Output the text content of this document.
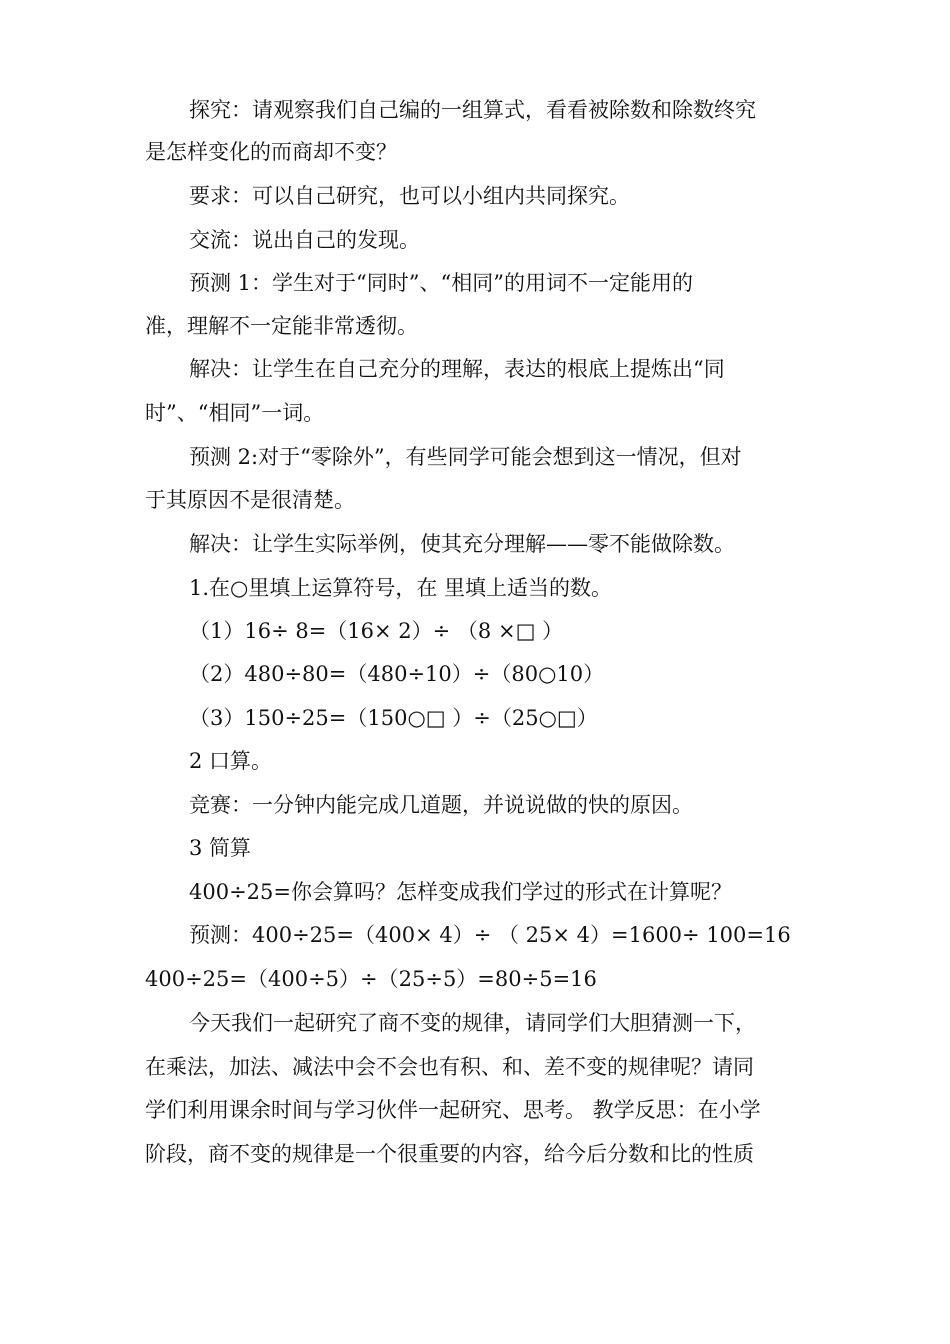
探究：请观察我们自己编的一组算式，看看被除数和除数终究
是怎样变化的而商却不变？
要求：可以自己研究，也可以小组内共同探究。
交流：说出自己的发现。
预测 1：学生对于“同时”、“相同”的用词不一定能用的
准，理解不一定能非常透彻。
解决：让学生在自己充分的理解，表达的根底上提炼出“同
时”、“相同”一词。
预测 2:对于“零除外”，有些同学可能会想到这一情况，但对
于其原因不是很清楚。
解决：让学生实际举例，使其充分理解——零不能做除数。
1.在○里填上运算符号，在 里填上适当的数。
（1）16÷ 8=（16× 2）÷ （8 ×□ ）
（2）480÷80=（480÷10）÷（80○10）
（3）150÷25=（150○□ ）÷（25○□）
2 口算。
竞赛：一分钟内能完成几道题，并说说做的快的原因。
3 简算
400÷25=你会算吗？怎样变成我们学过的形式在计算呢？
预测：400÷25=（400× 4）÷ （ 25× 4）=1600÷ 100=16
400÷25=（400÷5）÷（25÷5）=80÷5=16
今天我们一起研究了商不变的规律，请同学们大胆猜测一下，
在乘法，加法、减法中会不会也有积、和、差不变的规律呢？请同
学们利用课余时间与学习伙伴一起研究、思考。 教学反思：在小学
阶段，商不变的规律是一个很重要的内容，给今后分数和比的性质
